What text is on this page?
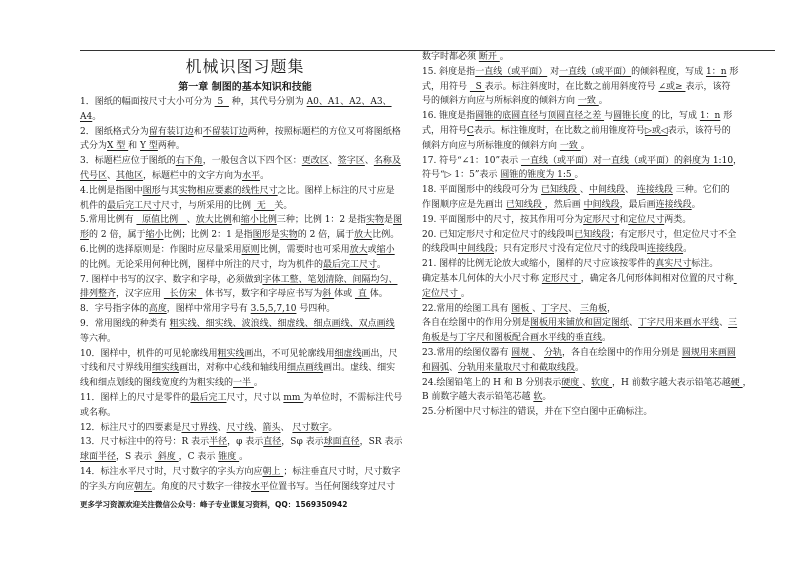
机械识图习题集
第一章 制图的基本知识和技能
1．图纸的幅面按尺寸大小可分为  5   种，其代号分别为 A0、A1、A2、A3、
A4。
2．图纸格式分为留有装订边和不留装订边两种，按照标题栏的方位又可将图纸格
式分为X 型 和 Y 型两种。
3．标题栏应位于图纸的右下角，一般包含以下四个区：更改区、签字区、名称及
代号区、其他区，标题栏中的文字方向为水平。
4.比例是指图中图形与其实物相应要素的线性尺寸之比。图样上标注的尺寸应是
机件的最后完工尺寸尺寸，与所采用的比例  无   关。
5.常用比例有   原值比例   、放大比例和缩小比例三种；比例 1：2 是指实物是图
形的 2 倍，属于缩小比例；比例 2：1 是指图形是实物的 2 倍，属于放大比例。
6.比例的选择原则是：作图时应尽量采用原则比例，需要时也可采用放大或缩小
的比例。无论采用何种比例，图样中所注的尺寸，均为机件的最后完工尺寸。
7. 图样中书写的汉字、数字和字母，必须做到字体工整、笔划清除、间隔均匀、
排列整齐，汉字应用   长仿宋   体书写，数字和字母应书写为斜 体或  直 体。
8．字号指字体的高度，图样中常用字号有 3.5,5,7,10 号四种。
9．常用图线的种类有 粗实线、细实线、波浪线、细虚线、细点画线、双点画线
等六种。
10．图样中，机件的可见轮廓线用粗实线画出，不可见轮廓线用细虚线画出，尺
寸线和尺寸界线用细实线画出，对称中心线和轴线用细点画线画出。虚线、细实
线和细点划线的图线宽度约为粗实线的一半 。
11．图样上的尺寸是零件的最后完工尺寸，尺寸以 mm 为单位时，不需标注代号
或名称。
12．标注尺寸的四要素是尺寸界线、尺寸线、箭头、 尺寸数字。
13．尺寸标注中的符号：R 表示半径，φ 表示直径，Sφ 表示球面直径，SR 表示
球面半径，S 表示  斜度 ，C 表示 锥度 。
14．标注水平尺寸时，尺寸数字的字头方向应朝上 ；标注垂直尺寸时，尺寸数字
的字头方向应朝左。角度的尺寸数字一律按水平位置书写。当任何图线穿过尺寸
更多学习资源欢迎关注微信公众号：峰子专业课复习资料，QQ：1569350942
数字时都必须 断开 。
15. 斜度是指一直线（或平面） 对一直线（或平面）的倾斜程度，写成 1：n 形
式，用符号   S 表示。标注斜度时，在比数之前用斜度符号 ∠或≥ 表示，该符
号的倾斜方向应与所标斜度的倾斜方向 一致 。
16. 锥度是指圆锥的底圆直径与顶圆直径之差 与圆锥长度 的比，写成 1：n 形
式，用符号C表示。标注锥度时，在比数之前用锥度符号▷或◁表示，该符号的
倾斜方向应与所标锥度的倾斜方向 一致 。
17. 符号“∠1：10”表示 一直线（或平面）对一直线（或平面）的斜度为 1:10，
符号“▷ 1：5”表示 圆锥的锥度为 1:5 。
18. 平面图形中的线段可分为 已知线段 、中间线段、 连接线段 三种。它们的
作图顺序应是先画出 已知线段 ，然后画 中间线段，最后画连接线段。
19. 平面图形中的尺寸，按其作用可分为定形尺寸和定位尺寸两类。
20. 已知定形尺寸和定位尺寸的线段叫已知线段；有定形尺寸，但定位尺寸不全
的线段叫中间线段；只有定形尺寸没有定位尺寸的线段叫连接线段。
21. 图样的比例无论放大或缩小，图样的尺寸应该按零件的真实尺寸标注。
确定基本几何体的大小尺寸称 定形尺寸 ，确定各几何形体间相对位置的尺寸称
定位尺寸 。
22.常用的绘图工具有 图板 、丁字尺、 三角板，
各自在绘图中的作用分别是图板用来铺放和固定图纸、丁字尺用来画水平线、三
角板是与丁字尺和图板配合画水平线的垂直线。
23.常用的绘图仪器有 圆规 、 分轨，各自在绘图中的作用分别是 圆规用来画圆
和圆弧、分轨用来量取尺寸和截取线段。
24.绘图铅笔上的 H 和 B 分别表示硬度 、软度 ，H 前数字越大表示铅笔芯越硬 ，
B 前数字越大表示铅笔芯越 软。
25.分析图中尺寸标注的错误，并在下空白图中正确标注。
